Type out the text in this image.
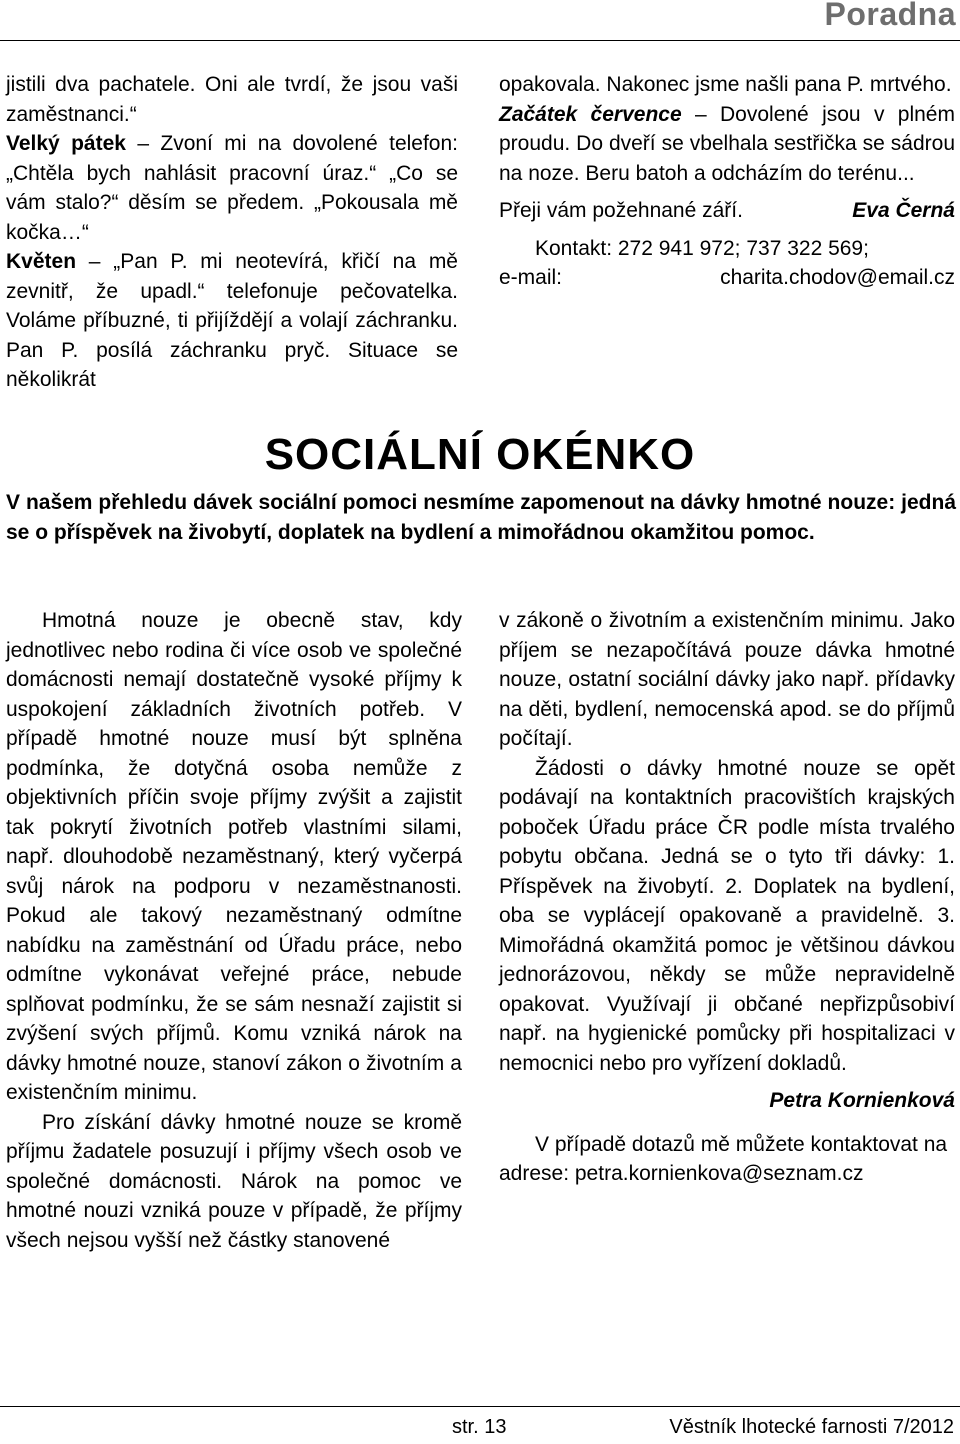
Poradna

jistili dva pachatele. Oni ale tvrdí, že jsou vaši zaměstnanci.“
Velký pátek – Zvoní mi na dovolené telefon: „Chtěla bych nahlásit pracovní úraz.“ „Co se vám stalo?“ děsím se předem. „Pokousala mě kočka…“
Květen – „Pan P. mi neotevírá, křičí na mě zevnitř, že upadl.“ telefonuje pečovatelka. Voláme příbuzné, ti přijíždějí a volají záchranku. Pan P. posílá záchranku pryč. Situace se několikrát

opakovala. Nakonec jsme našli pana P. mrtvého.

Začátek července – Dovolené jsou v plném proudu. Do dveří se vbelhala sestřička se sádrou na noze. Beru batoh a odcházím do terénu...

Přeji vám požehnané září.	Eva Černá

Kontakt: 272 941 972; 737 322 569;
e-mail:	charita.chodov@email.cz

SOCIÁLNÍ OKÉNKO
V našem přehledu dávek sociální pomoci nesmíme zapomenout na dávky hmotné nouze: jedná se o příspěvek na živobytí, doplatek na bydlení a mimořádnou okamžitou pomoc.

Hmotná nouze je obecně stav, kdy jednotlivec nebo rodina či více osob ve společné domácnosti nemají dostatečně vysoké příjmy k uspokojení základních životních potřeb. V případě hmotné nouze musí být splněna podmínka, že dotyčná osoba nemůže z objektivních příčin svoje příjmy zvýšit a zajistit tak pokrytí životních potřeb vlastními silami, např. dlouhodobě nezaměstnaný, který vyčerpá svůj nárok na podporu v nezaměstnanosti. Pokud ale takový nezaměstnaný odmítne nabídku na zaměstnání od Úřadu práce, nebo odmítne vykonávat veřejné práce, nebude splňovat podmínku, že se sám nesnaží zajistit si zvýšení svých příjmů. Komu vzniká nárok na dávky hmotné nouze, stanoví zákon o životním a existenčním minimu.

Pro získání dávky hmotné nouze se kromě příjmu žadatele posuzují i příjmy všech osob ve společné domácnosti. Nárok na pomoc ve hmotné nouzi vzniká pouze v případě, že příjmy všech nejsou vyšší než částky stanovené

v zákoně o životním a existenčním minimu. Jako příjem se nezapočítává pouze dávka hmotné nouze, ostatní sociální dávky jako např. přídavky na děti, bydlení, nemocenská apod. se do příjmů počítají.

Žádosti o dávky hmotné nouze se opět podávají na kontaktních pracovištích krajských poboček Úřadu práce ČR podle místa trvalého pobytu občana. Jedná se o tyto tři dávky: 1. Příspěvek na živobytí. 2. Doplatek na bydlení, oba se vyplácejí opakovaně a pravidelně. 3. Mimořádná okamžitá pomoc je většinou dávkou jednorázovou, někdy se může nepravidelně opakovat. Využívají ji občané nepřizpůsobiví např. na hygienické pomůcky při hospitalizaci v nemocnici nebo pro vyřízení dokladů.

Petra Kornienková

V případě dotazů mě můžete kontaktovat na adrese: petra.kornienkova@seznam.cz

str. 13	Věstník lhotecké farnosti 7/2012
